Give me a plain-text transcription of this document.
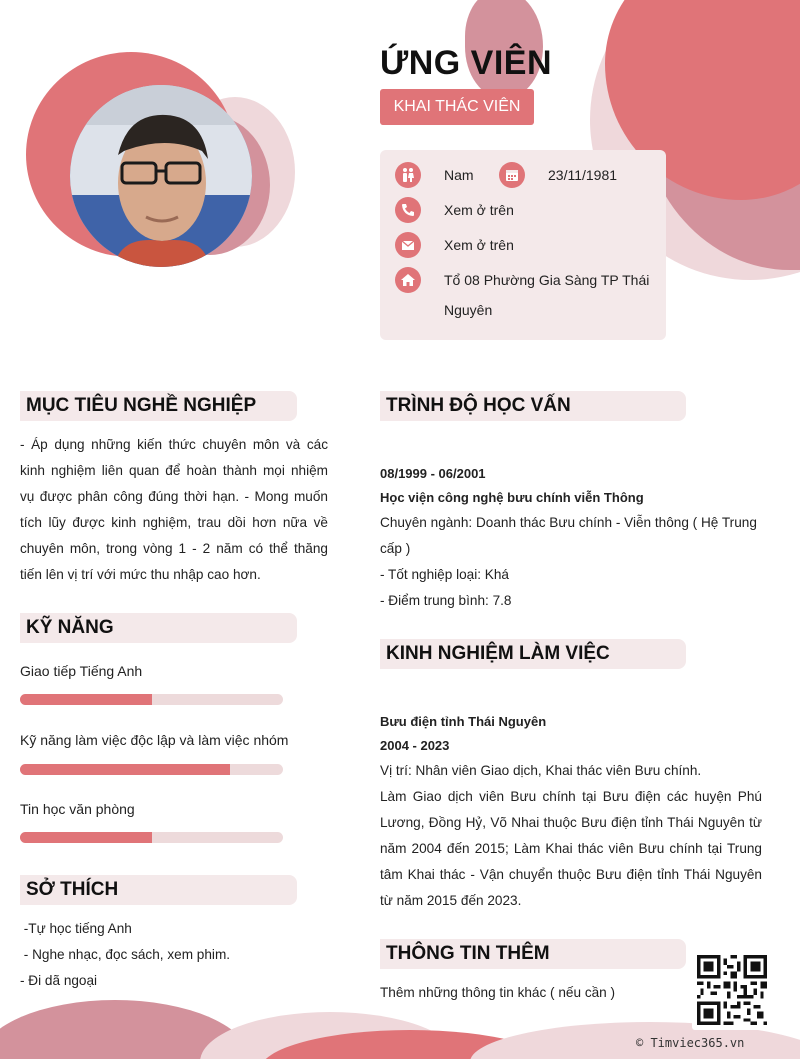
ỨNG VIÊN
KHAI THÁC VIÊN
Nam	23/11/1981
Xem ở trên
Xem ở trên
Tổ 08 Phường Gia Sàng TP Thái
Nguyên
MỤC TIÊU NGHỀ NGHIỆP
- Áp dụng những kiến thức chuyên môn và các
kinh nghiệm liên quan để hoàn thành mọi nhiệm
vụ được phân công đúng thời hạn. - Mong muốn
tích lũy được kinh nghiệm, trau dồi hơn nữa về
chuyên môn, trong vòng 1 - 2 năm có thể thăng
tiến lên vị trí với mức thu nhập cao hơn.
KỸ NĂNG
Giao tiếp Tiếng Anh
Kỹ năng làm việc độc lập và làm việc nhóm
Tin học văn phòng
SỞ THÍCH
-Tự học tiếng Anh
- Nghe nhạc, đọc sách, xem phim.
- Đi dã ngoại
TRÌNH ĐỘ HỌC VẤN
08/1999 - 06/2001
Học viện công nghệ bưu chính viễn Thông
Chuyên ngành: Doanh thác Bưu chính - Viễn thông ( Hệ Trung
cấp )
- Tốt nghiệp loại: Khá
- Điểm trung bình: 7.8
KINH NGHIỆM LÀM VIỆC
Bưu điện tỉnh Thái Nguyên
2004 - 2023
Vị trí: Nhân viên Giao dịch, Khai thác viên Bưu chính.
Làm Giao dịch viên Bưu chính tại Bưu điện các huyện Phú
Lương, Đồng Hỷ, Võ Nhai thuộc Bưu điện tỉnh Thái Nguyên từ
năm 2004 đến 2015; Làm Khai thác viên Bưu chính tại Trung
tâm Khai thác - Vận chuyển thuộc Bưu điện tỉnh Thái Nguyên
từ năm 2015 đến 2023.
THÔNG TIN THÊM
Thêm những thông tin khác ( nếu cần )
© Timviec365.vn
